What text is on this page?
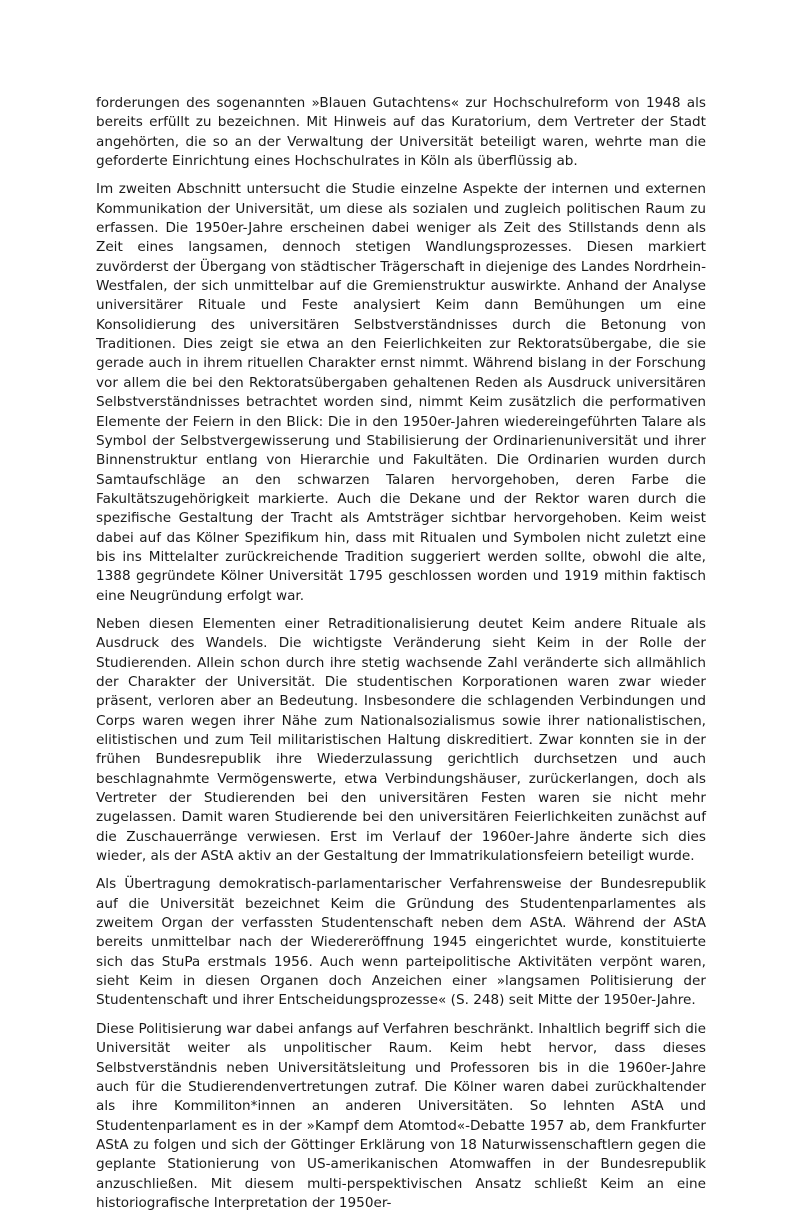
forderungen des sogenannten »Blauen Gutachtens« zur Hochschulreform von 1948 als bereits erfüllt zu bezeichnen. Mit Hinweis auf das Kuratorium, dem Vertreter der Stadt angehörten, die so an der Verwaltung der Universität beteiligt waren, wehrte man die geforderte Einrichtung eines Hochschulrates in Köln als überflüssig ab.

Im zweiten Abschnitt untersucht die Studie einzelne Aspekte der internen und externen Kommunikation der Universität, um diese als sozialen und zugleich politischen Raum zu erfassen. Die 1950er-Jahre erscheinen dabei weniger als Zeit des Stillstands denn als Zeit eines langsamen, dennoch stetigen Wandlungsprozesses. Diesen markiert zuvörderst der Übergang von städtischer Trägerschaft in diejenige des Landes Nordrhein-Westfalen, der sich unmittelbar auf die Gremienstruktur auswirkte. Anhand der Analyse universitärer Rituale und Feste analysiert Keim dann Bemühungen um eine Konsolidierung des universitären Selbstverständnisses durch die Betonung von Traditionen. Dies zeigt sie etwa an den Feierlichkeiten zur Rektoratsübergabe, die sie gerade auch in ihrem rituellen Charakter ernst nimmt. Während bislang in der Forschung vor allem die bei den Rektoratsübergaben gehaltenen Reden als Ausdruck universitären Selbstverständnisses betrachtet worden sind, nimmt Keim zusätzlich die performativen Elemente der Feiern in den Blick: Die in den 1950er-Jahren wiedereingeführten Talare als Symbol der Selbstvergewisserung und Stabilisierung der Ordinarienuniversität und ihrer Binnenstruktur entlang von Hierarchie und Fakultäten. Die Ordinarien wurden durch Samtaufschläge an den schwarzen Talaren hervorgehoben, deren Farbe die Fakultätszugehörigkeit markierte. Auch die Dekane und der Rektor waren durch die spezifische Gestaltung der Tracht als Amtsträger sichtbar hervorgehoben. Keim weist dabei auf das Kölner Spezifikum hin, dass mit Ritualen und Symbolen nicht zuletzt eine bis ins Mittelalter zurückreichende Tradition suggeriert werden sollte, obwohl die alte, 1388 gegründete Kölner Universität 1795 geschlossen worden und 1919 mithin faktisch eine Neugründung erfolgt war.

Neben diesen Elementen einer Retraditionalisierung deutet Keim andere Rituale als Ausdruck des Wandels. Die wichtigste Veränderung sieht Keim in der Rolle der Studierenden. Allein schon durch ihre stetig wachsende Zahl veränderte sich allmählich der Charakter der Universität. Die studentischen Korporationen waren zwar wieder präsent, verloren aber an Bedeutung. Insbesondere die schlagenden Verbindungen und Corps waren wegen ihrer Nähe zum Nationalsozialismus sowie ihrer nationalistischen, elitistischen und zum Teil militaristischen Haltung diskreditiert. Zwar konnten sie in der frühen Bundesrepublik ihre Wiederzulassung gerichtlich durchsetzen und auch beschlagnahmte Vermögenswerte, etwa Verbindungshäuser, zurückerlangen, doch als Vertreter der Studierenden bei den universitären Festen waren sie nicht mehr zugelassen. Damit waren Studierende bei den universitären Feierlichkeiten zunächst auf die Zuschauerränge verwiesen. Erst im Verlauf der 1960er-Jahre änderte sich dies wieder, als der AStA aktiv an der Gestaltung der Immatrikulationsfeiern beteiligt wurde.

Als Übertragung demokratisch-parlamentarischer Verfahrensweise der Bundesrepublik auf die Universität bezeichnet Keim die Gründung des Studentenparlamentes als zweitem Organ der verfassten Studentenschaft neben dem AStA. Während der AStA bereits unmittelbar nach der Wiedereröffnung 1945 eingerichtet wurde, konstituierte sich das StuPa erstmals 1956. Auch wenn parteipolitische Aktivitäten verpönt waren, sieht Keim in diesen Organen doch Anzeichen einer »langsamen Politisierung der Studentenschaft und ihrer Entscheidungsprozesse« (S. 248) seit Mitte der 1950er-Jahre.

Diese Politisierung war dabei anfangs auf Verfahren beschränkt. Inhaltlich begriff sich die Universität weiter als unpolitischer Raum. Keim hebt hervor, dass dieses Selbstverständnis neben Universitätsleitung und Professoren bis in die 1960er-Jahre auch für die Studierendenvertretungen zutraf. Die Kölner waren dabei zurückhaltender als ihre Kommiliton*innen an anderen Universitäten. So lehnten AStA und Studentenparlament es in der »Kampf dem Atomtod«-Debatte 1957 ab, dem Frankfurter AStA zu folgen und sich der Göttinger Erklärung von 18 Naturwissenschaftlern gegen die geplante Stationierung von US-amerikanischen Atomwaffen in der Bundesrepublik anzuschließen. Mit diesem multi-perspektivischen Ansatz schließt Keim an eine historiografische Interpretation der 1950er-
